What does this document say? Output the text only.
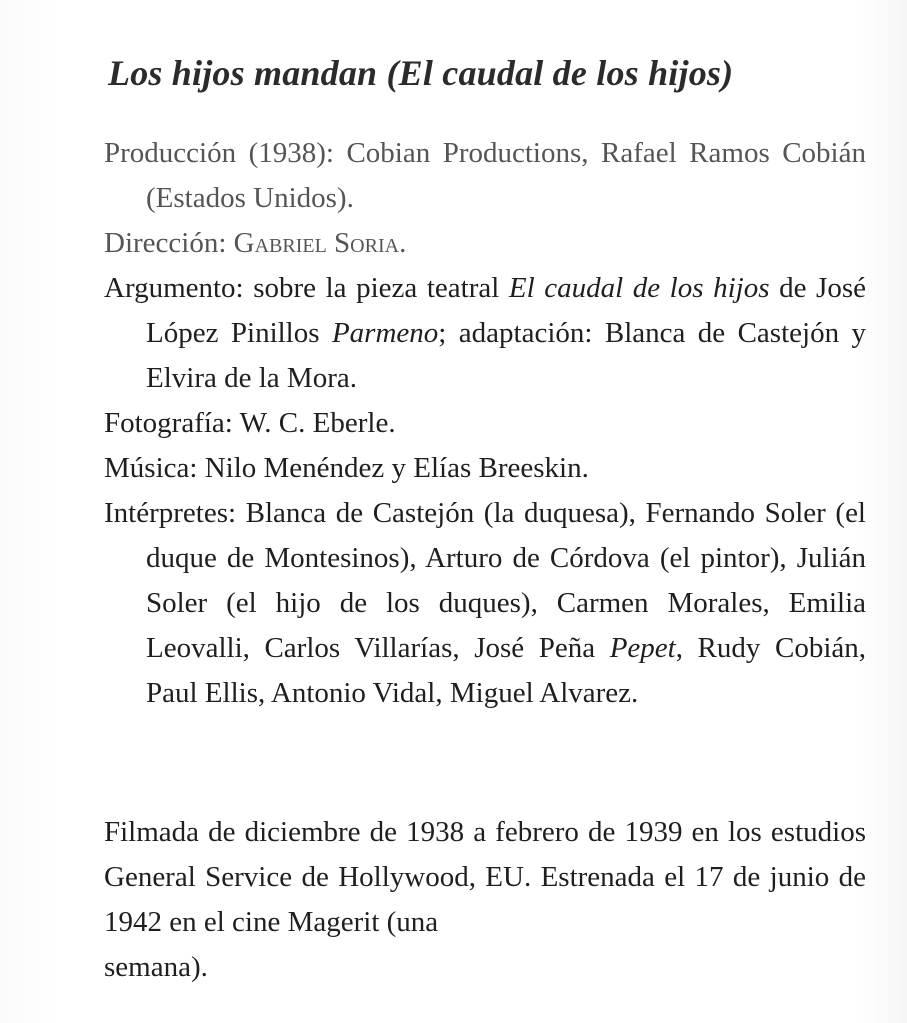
Los hijos mandan (El caudal de los hijos)
Producción (1938): Cobian Productions, Rafael Ramos Cobián (Estados Unidos).
Dirección: Gabriel Soria.
Argumento: sobre la pieza teatral El caudal de los hijos de José López Pinillos Parmeno; adaptación: Blanca de Castejón y Elvira de la Mora.
Fotografía: W. C. Eberle.
Música: Nilo Menéndez y Elías Breeskin.
Intérpretes: Blanca de Castejón (la duquesa), Fernando Soler (el duque de Montesinos), Arturo de Córdova (el pintor), Julián Soler (el hijo de los duques), Carmen Morales, Emilia Leovalli, Carlos Villarías, José Peña Pepet, Rudy Cobián, Paul Ellis, Antonio Vidal, Miguel Alvarez.

Filmada de diciembre de 1938 a febrero de 1939 en los estudios General Service de Hollywood, EU. Estrenada el 17 de junio de 1942 en el cine Magerit (una
semana).
